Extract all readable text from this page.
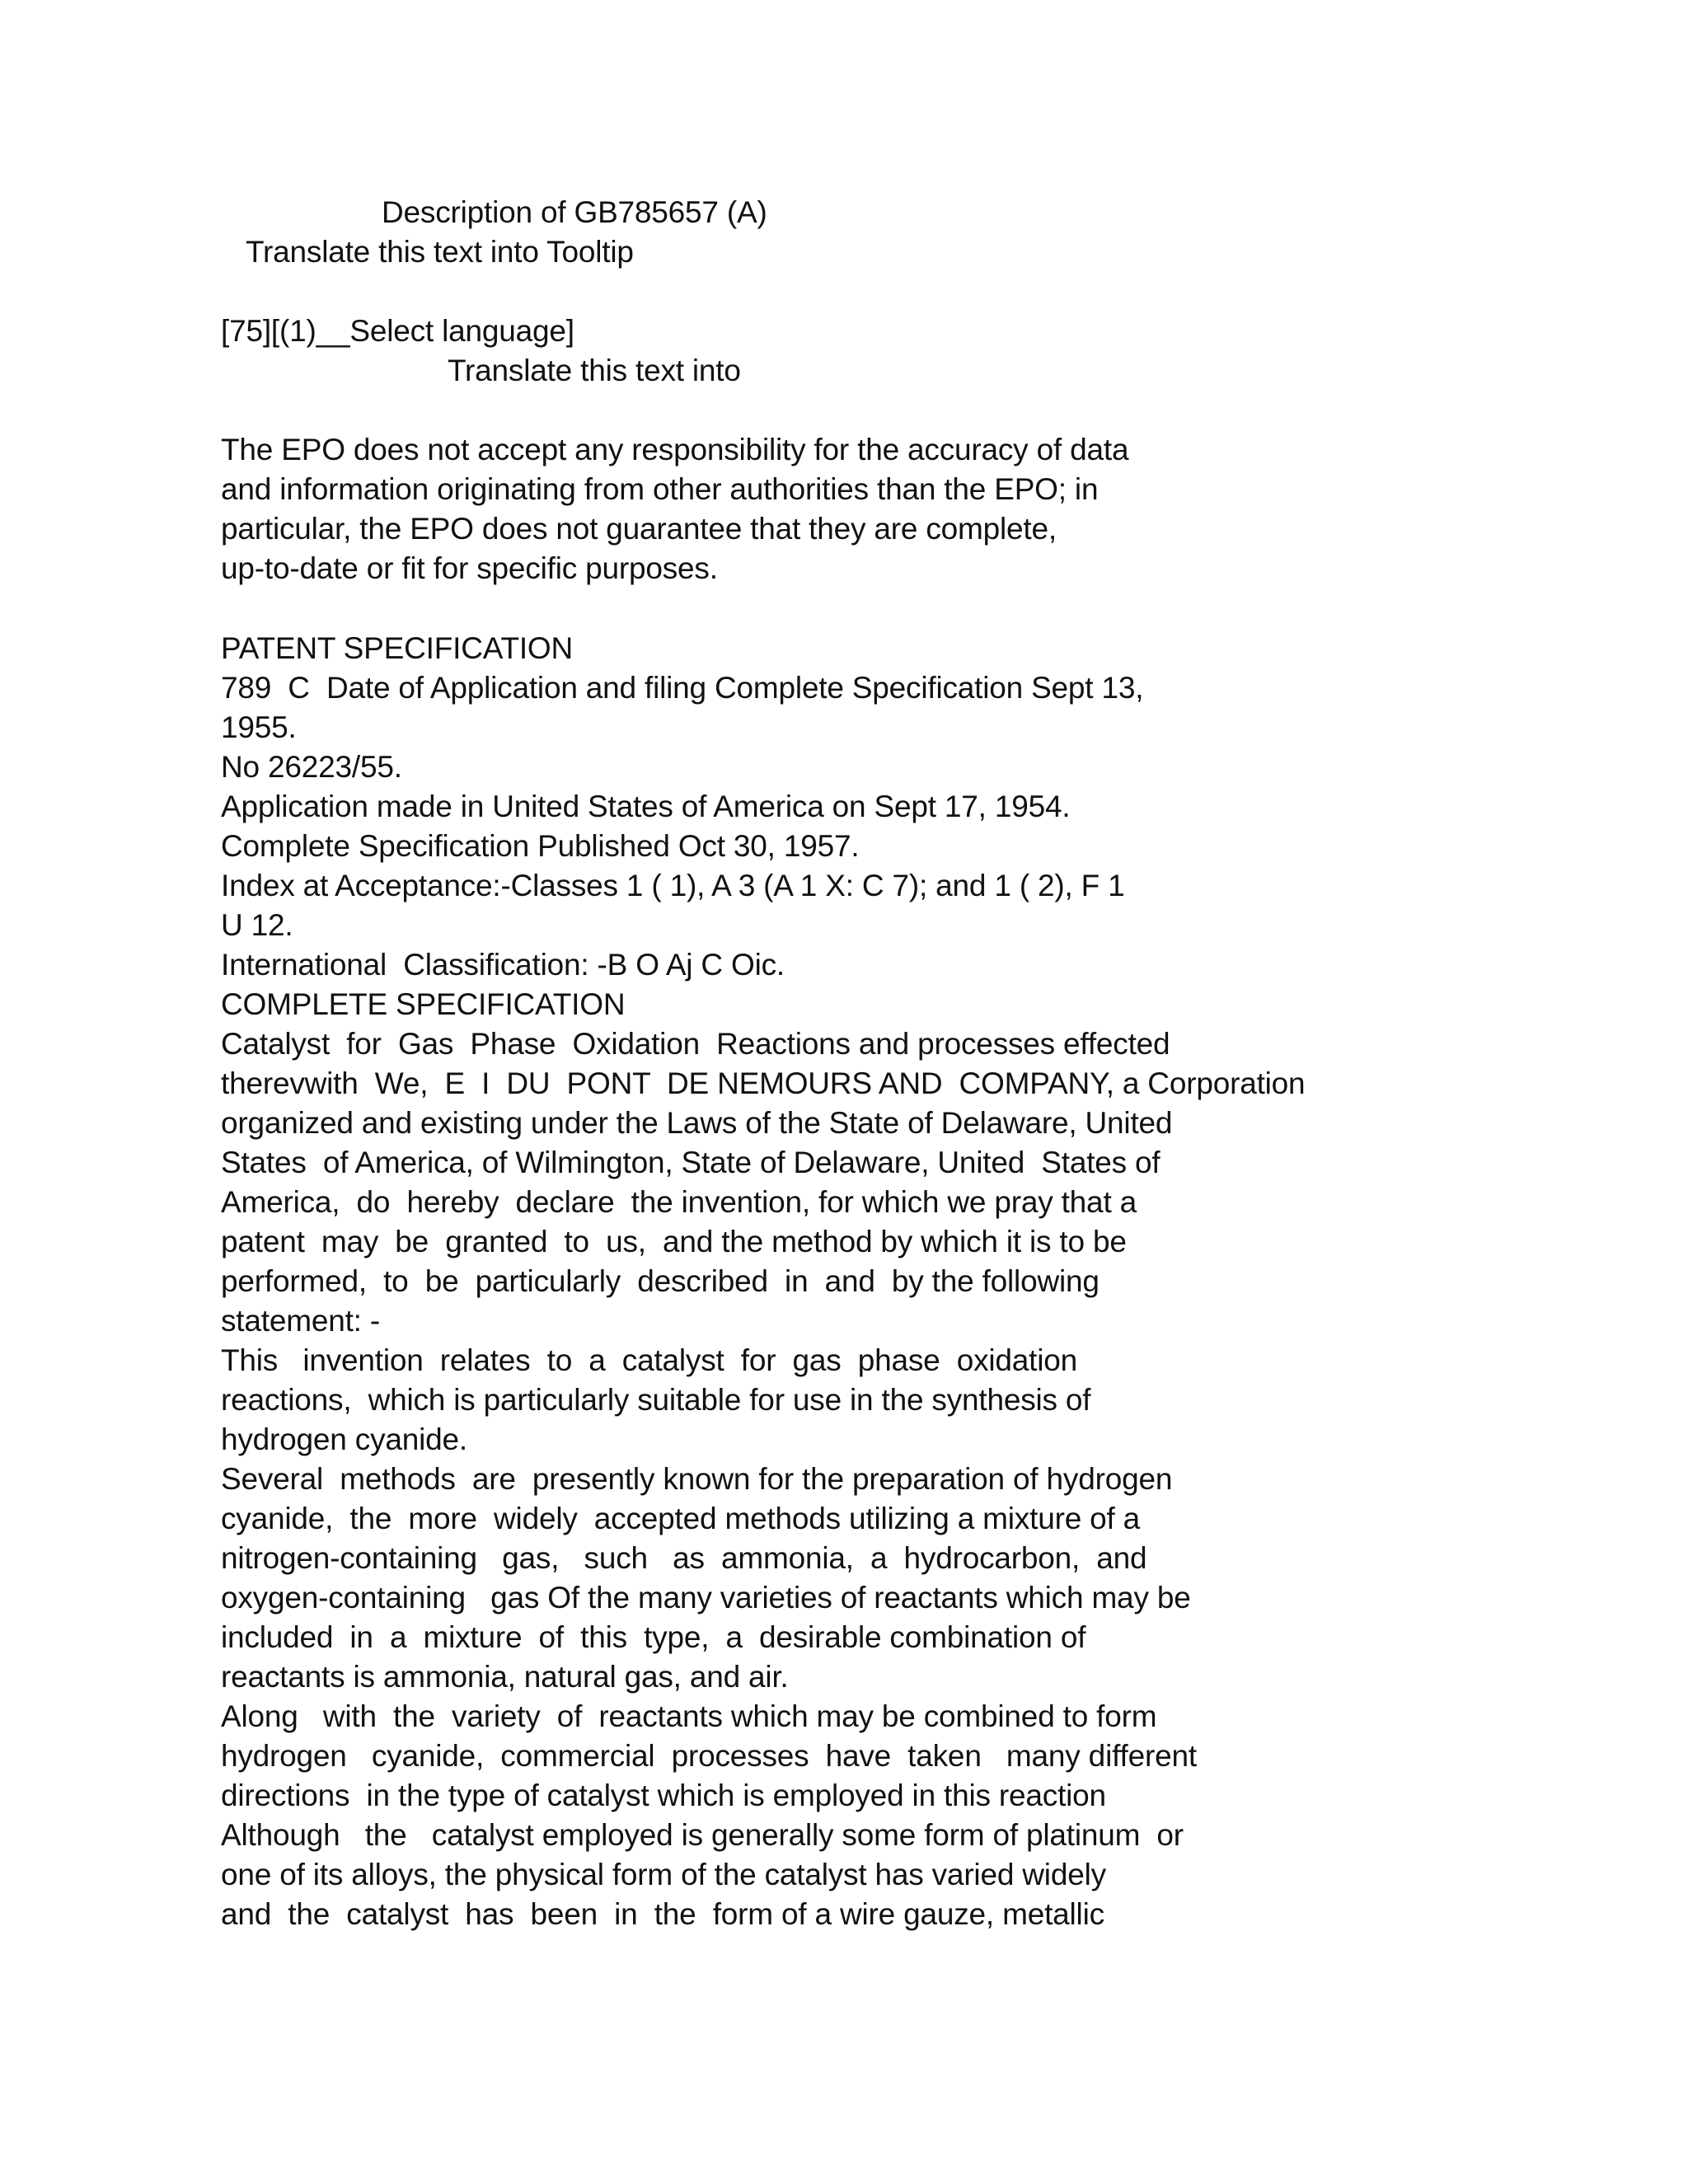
Description of GB785657 (A)

Translate this text into Tooltip

[75][(1)__Select language]

Translate this text into

The EPO does not accept any responsibility for the accuracy of data

and information originating from other authorities than the EPO; in

particular, the EPO does not guarantee that they are complete,

up-to-date or fit for specific purposes.

PATENT SPECIFICATION

789  C  Date of Application and filing Complete Specification Sept 13,

1955.

No 26223/55.

Application made in United States of America on Sept 17, 1954.

Complete Specification Published Oct 30, 1957.

Index at Acceptance:-Classes 1 ( 1), A 3 (A 1 X: C 7); and 1 ( 2), F 1

U 12.

International  Classification: -B O Aj C Oic.

COMPLETE SPECIFICATION

Catalyst  for  Gas  Phase  Oxidation  Reactions and processes effected

therevwith  We,  E  I  DU  PONT  DE NEMOURS AND  COMPANY, a Corporation

organized and existing under the Laws of the State of Delaware, United

States  of America, of Wilmington, State of Delaware, United  States of

America,  do  hereby  declare  the invention, for which we pray that a

patent  may  be  granted  to  us,  and the method by which it is to be

performed,  to  be  particularly  described  in  and  by the following

statement: -

This   invention  relates  to  a  catalyst  for  gas  phase  oxidation

reactions,  which is particularly suitable for use in the synthesis of

hydrogen cyanide.

Several  methods  are  presently known for the preparation of hydrogen

cyanide,  the  more  widely  accepted methods utilizing a mixture of a

nitrogen-containing   gas,   such   as  ammonia,  a  hydrocarbon,  and

oxygen-containing   gas Of the many varieties of reactants which may be

included  in  a  mixture  of  this  type,  a  desirable combination of

reactants is ammonia, natural gas, and air.

Along   with  the  variety  of  reactants which may be combined to form

hydrogen   cyanide,  commercial  processes  have  taken   many different

directions  in the type of catalyst which is employed in this reaction

Although   the   catalyst employed is generally some form of platinum  or

one of its alloys, the physical form of the catalyst has varied widely

and  the  catalyst  has  been  in  the  form of a wire gauze, metallic
